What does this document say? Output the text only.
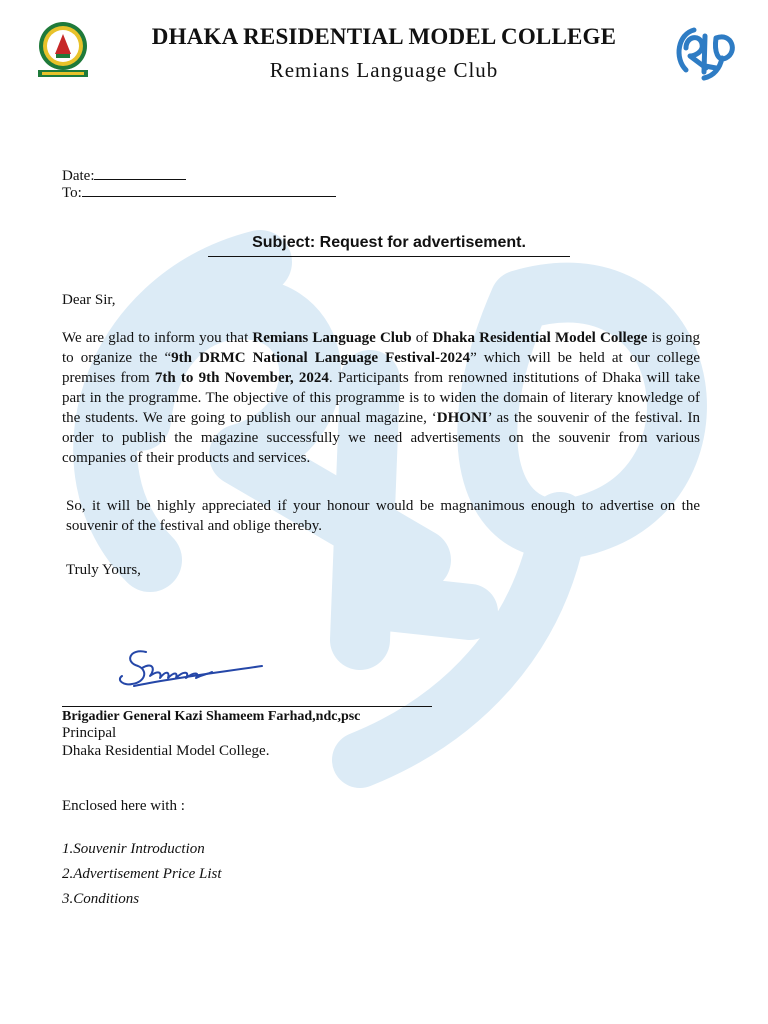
DHAKA RESIDENTIAL MODEL COLLEGE
Remians Language Club
Date:
To:
Subject: Request for advertisement.
Dear Sir,
We are glad to inform you that Remians Language Club of Dhaka Residential Model College is going to organize the “9th DRMC National Language Festival-2024” which will be held at our college premises from 7th to 9th November, 2024. Participants from renowned institutions of Dhaka will take part in the programme. The objective of this programme is to widen the domain of literary knowledge of the students. We are going to publish our annual magazine, ‘DHONI’ as the souvenir of the festival. In order to publish the magazine successfully we need advertisements on the souvenir from various companies of their products and services.
So, it will be highly appreciated if your honour would be magnanimous enough to advertise on the souvenir of the festival and oblige thereby.
Truly Yours,
Brigadier General Kazi Shameem Farhad,ndc,psc
Principal
Dhaka Residential Model College.
Enclosed here with :
1.Souvenir Introduction
2.Advertisement Price List
3.Conditions
